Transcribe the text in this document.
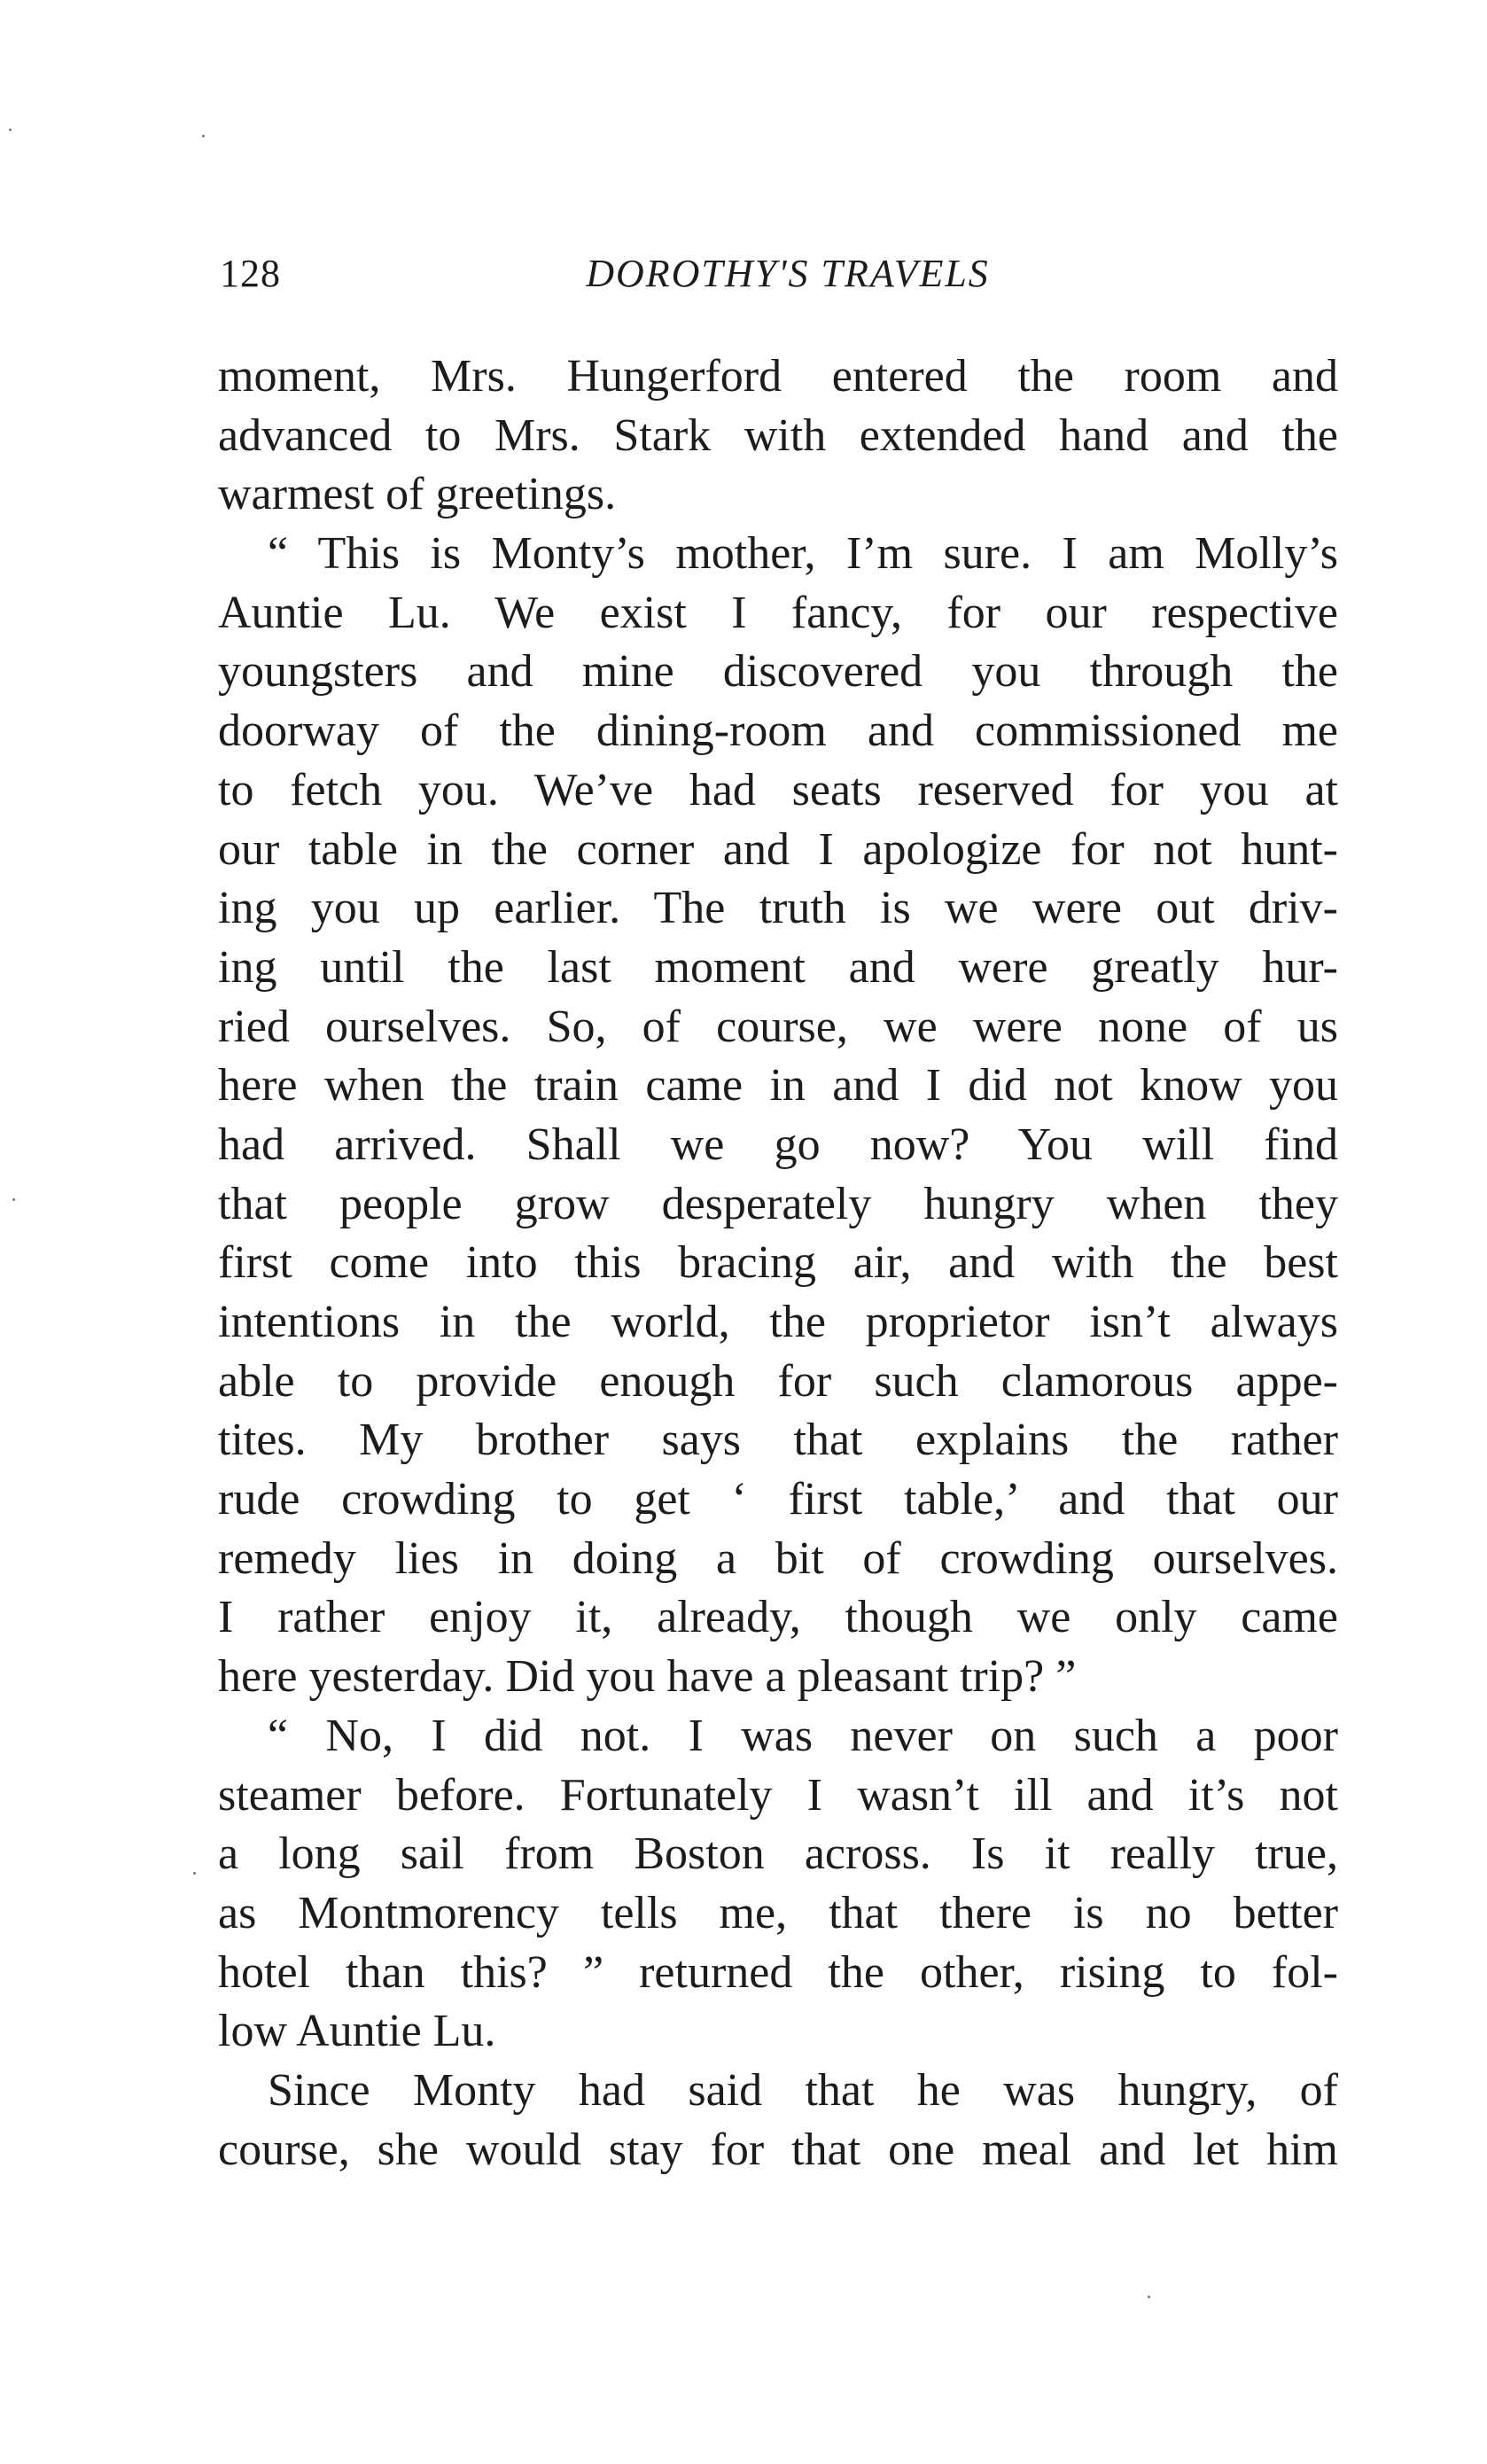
128	DOROTHY'S TRAVELS
moment, Mrs. Hungerford entered the room and
advanced to Mrs. Stark with extended hand and the
warmest of greetings.
“ This is Monty’s mother, I’m sure. I am Molly’s
Auntie Lu. We exist I fancy, for our respective
youngsters and mine discovered you through the
doorway of the dining-room and commissioned me
to fetch you. We’ve had seats reserved for you at
our table in the corner and I apologize for not hunt-
ing you up earlier. The truth is we were out driv-
ing until the last moment and were greatly hur-
ried ourselves. So, of course, we were none of us
here when the train came in and I did not know you
had arrived. Shall we go now? You will find
that people grow desperately hungry when they
first come into this bracing air, and with the best
intentions in the world, the proprietor isn’t always
able to provide enough for such clamorous appe-
tites. My brother says that explains the rather
rude crowding to get ‘ first table,’ and that our
remedy lies in doing a bit of crowding ourselves.
I rather enjoy it, already, though we only came
here yesterday. Did you have a pleasant trip? ”
“ No, I did not. I was never on such a poor
steamer before. Fortunately I wasn’t ill and it’s not
a long sail from Boston across. Is it really true,
as Montmorency tells me, that there is no better
hotel than this? ” returned the other, rising to fol-
low Auntie Lu.
Since Monty had said that he was hungry, of
course, she would stay for that one meal and let him
